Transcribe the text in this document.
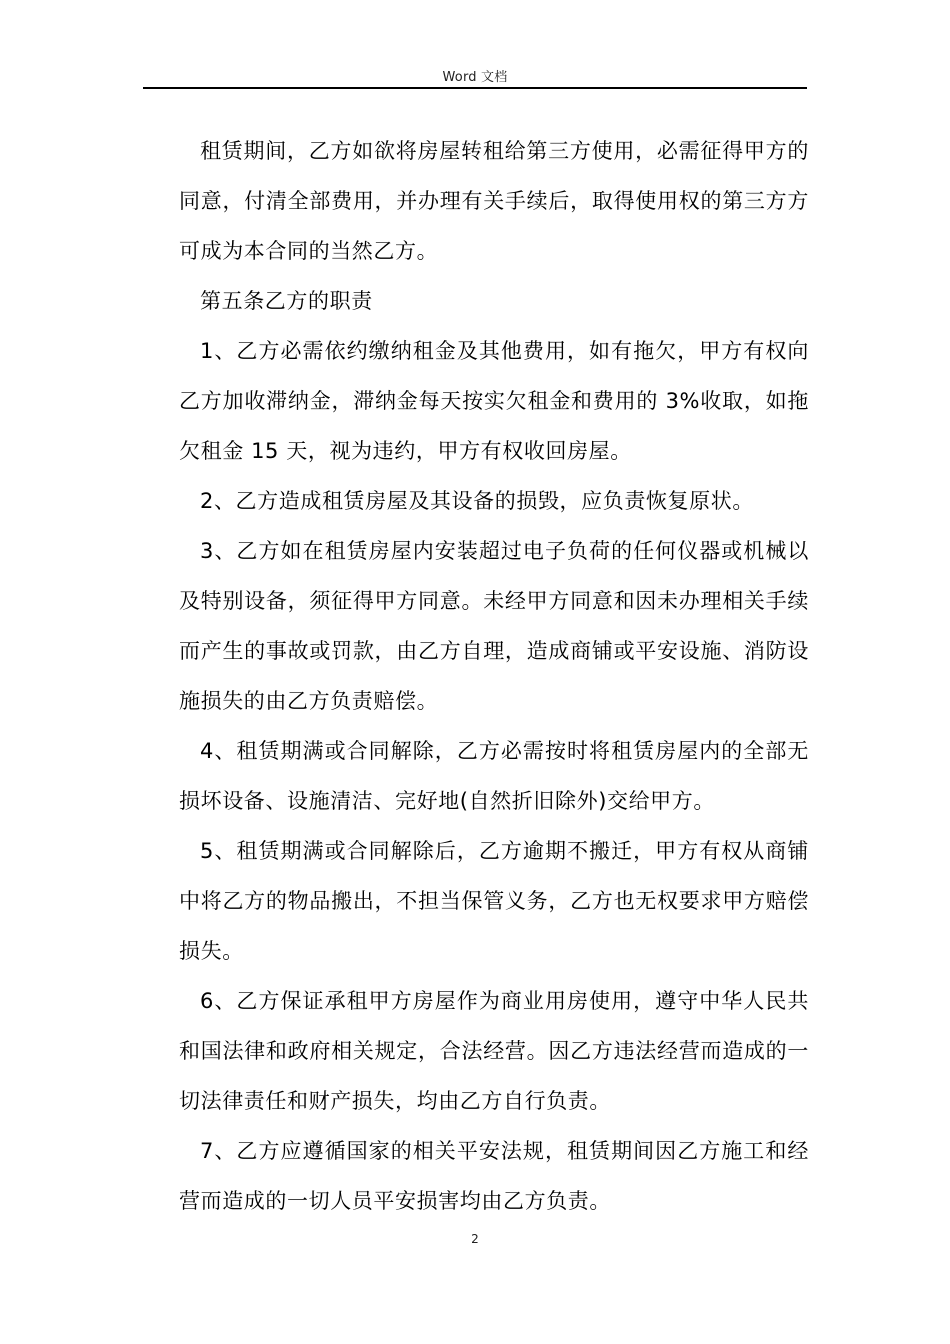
Word 文档

租赁期间，乙方如欲将房屋转租给第三方使用，必需征得甲方的同意，付清全部费用，并办理有关手续后，取得使用权的第三方方可成为本合同的当然乙方。

第五条乙方的职责

1、乙方必需依约缴纳租金及其他费用，如有拖欠，甲方有权向乙方加收滞纳金，滞纳金每天按实欠租金和费用的 3%收取，如拖欠租金 15 天，视为违约，甲方有权收回房屋。

2、乙方造成租赁房屋及其设备的损毁，应负责恢复原状。

3、乙方如在租赁房屋内安装超过电子负荷的任何仪器或机械以及特别设备，须征得甲方同意。未经甲方同意和因未办理相关手续而产生的事故或罚款，由乙方自理，造成商铺或平安设施、消防设施损失的由乙方负责赔偿。

4、租赁期满或合同解除，乙方必需按时将租赁房屋内的全部无损坏设备、设施清洁、完好地(自然折旧除外)交给甲方。

5、租赁期满或合同解除后，乙方逾期不搬迁，甲方有权从商铺中将乙方的物品搬出，不担当保管义务，乙方也无权要求甲方赔偿损失。

6、乙方保证承租甲方房屋作为商业用房使用，遵守中华人民共和国法律和政府相关规定，合法经营。因乙方违法经营而造成的一切法律责任和财产损失，均由乙方自行负责。

7、乙方应遵循国家的相关平安法规，租赁期间因乙方施工和经营而造成的一切人员平安损害均由乙方负责。

2
